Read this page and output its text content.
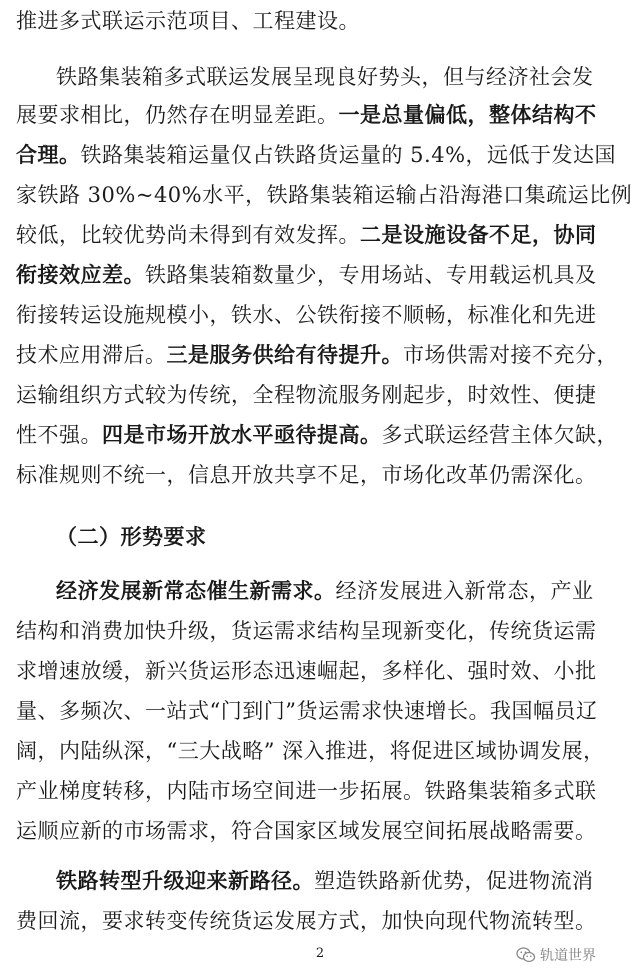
推进多式联运示范项目、工程建设。
铁路集装箱多式联运发展呈现良好势头，但与经济社会发
展要求相比，仍然存在明显差距。一是总量偏低，整体结构不
合理。铁路集装箱运量仅占铁路货运量的 5.4%，远低于发达国
家铁路 30%~40%水平，铁路集装箱运输占沿海港口集疏运比例
较低，比较优势尚未得到有效发挥。二是设施设备不足，协同
衔接效应差。铁路集装箱数量少，专用场站、专用载运机具及
衔接转运设施规模小，铁水、公铁衔接不顺畅，标准化和先进
技术应用滞后。三是服务供给有待提升。市场供需对接不充分，
运输组织方式较为传统，全程物流服务刚起步，时效性、便捷
性不强。四是市场开放水平亟待提高。多式联运经营主体欠缺，
标准规则不统一，信息开放共享不足，市场化改革仍需深化。
（二）形势要求
经济发展新常态催生新需求。经济发展进入新常态，产业
结构和消费加快升级，货运需求结构呈现新变化，传统货运需
求增速放缓，新兴货运形态迅速崛起，多样化、强时效、小批
量、多频次、一站式“门到门”货运需求快速增长。我国幅员辽
阔，内陆纵深，“三大战略” 深入推进，将促进区域协调发展，
产业梯度转移，内陆市场空间进一步拓展。铁路集装箱多式联
运顺应新的市场需求，符合国家区域发展空间拓展战略需要。
铁路转型升级迎来新路径。塑造铁路新优势，促进物流消
费回流，要求转变传统货运发展方式，加快向现代物流转型。
2	轨道世界
